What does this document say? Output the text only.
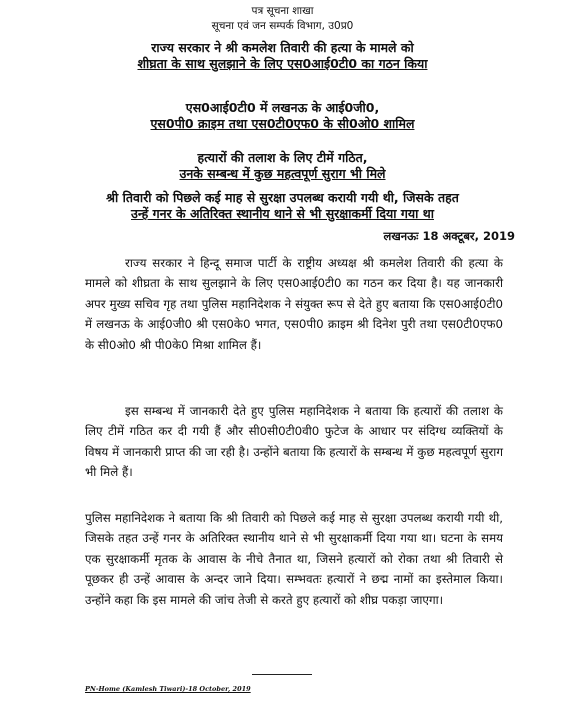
पत्र सूचना शाखा

सूचना एवं जन सम्पर्क विभाग, उ0प्र0

राज्य सरकार ने श्री कमलेश तिवारी की हत्या के मामले को
शीघ्रता के साथ सुलझाने के लिए एस0आई0टी0 का गठन किया
एस0आई0टी0 में लखनऊ के आई0जी0,
एस0पी0 क्राइम तथा एस0टी0एफ0 के सी0ओ0 शामिल
हत्यारों की तलाश के लिए टीमें गठित,
उनके सम्बन्ध में कुछ महत्वपूर्ण सुराग भी मिले
श्री तिवारी को पिछले कई माह से सुरक्षा उपलब्ध करायी गयी थी, जिसके तहत
उन्हें गनर के अतिरिक्त स्थानीय थाने से भी सुरक्षाकर्मी दिया गया था

लखनऊः 18 अक्टूबर, 2019

राज्य सरकार ने हिन्दू समाज पार्टी के राष्ट्रीय अध्यक्ष श्री कमलेश तिवारी की हत्या के मामले को शीघ्रता के साथ सुलझाने के लिए एस0आई0टी0 का गठन कर दिया है। यह जानकारी अपर मुख्य सचिव गृह तथा पुलिस महानिदेशक ने संयुक्त रूप से देते हुए बताया कि एस0आई0टी0 में लखनऊ के आई0जी0 श्री एस0के0 भगत, एस0पी0 क्राइम श्री दिनेश पुरी तथा एस0टी0एफ0 के सी0ओ0 श्री पी0के0 मिश्रा शामिल हैं।

इस सम्बन्ध में जानकारी देते हुए पुलिस महानिदेशक ने बताया कि हत्यारों की तलाश के लिए टीमें गठित कर दी गयी हैं और सी0सी0टी0वी0 फुटेज के आधार पर संदिग्ध व्यक्तियों के विषय में जानकारी प्राप्त की जा रही है। उन्होंने बताया कि हत्यारों के सम्बन्ध में कुछ महत्वपूर्ण सुराग भी मिले हैं।

पुलिस महानिदेशक ने बताया कि श्री तिवारी को पिछले कई माह से सुरक्षा उपलब्ध करायी गयी थी, जिसके तहत उन्हें गनर के अतिरिक्त स्थानीय थाने से भी सुरक्षाकर्मी दिया गया था। घटना के समय एक सुरक्षाकर्मी मृतक के आवास के नीचे तैनात था, जिसने हत्यारों को रोका तथा श्री तिवारी से पूछकर ही उन्हें आवास के अन्दर जाने दिया। सम्भवतः हत्यारों ने छद्म नामों का इस्तेमाल किया। उन्होंने कहा कि इस मामले की जांच तेजी से करते हुए हत्यारों को शीघ्र पकड़ा जाएगा।

PN-Home (Kamlesh Tiwari)-18 October, 2019
